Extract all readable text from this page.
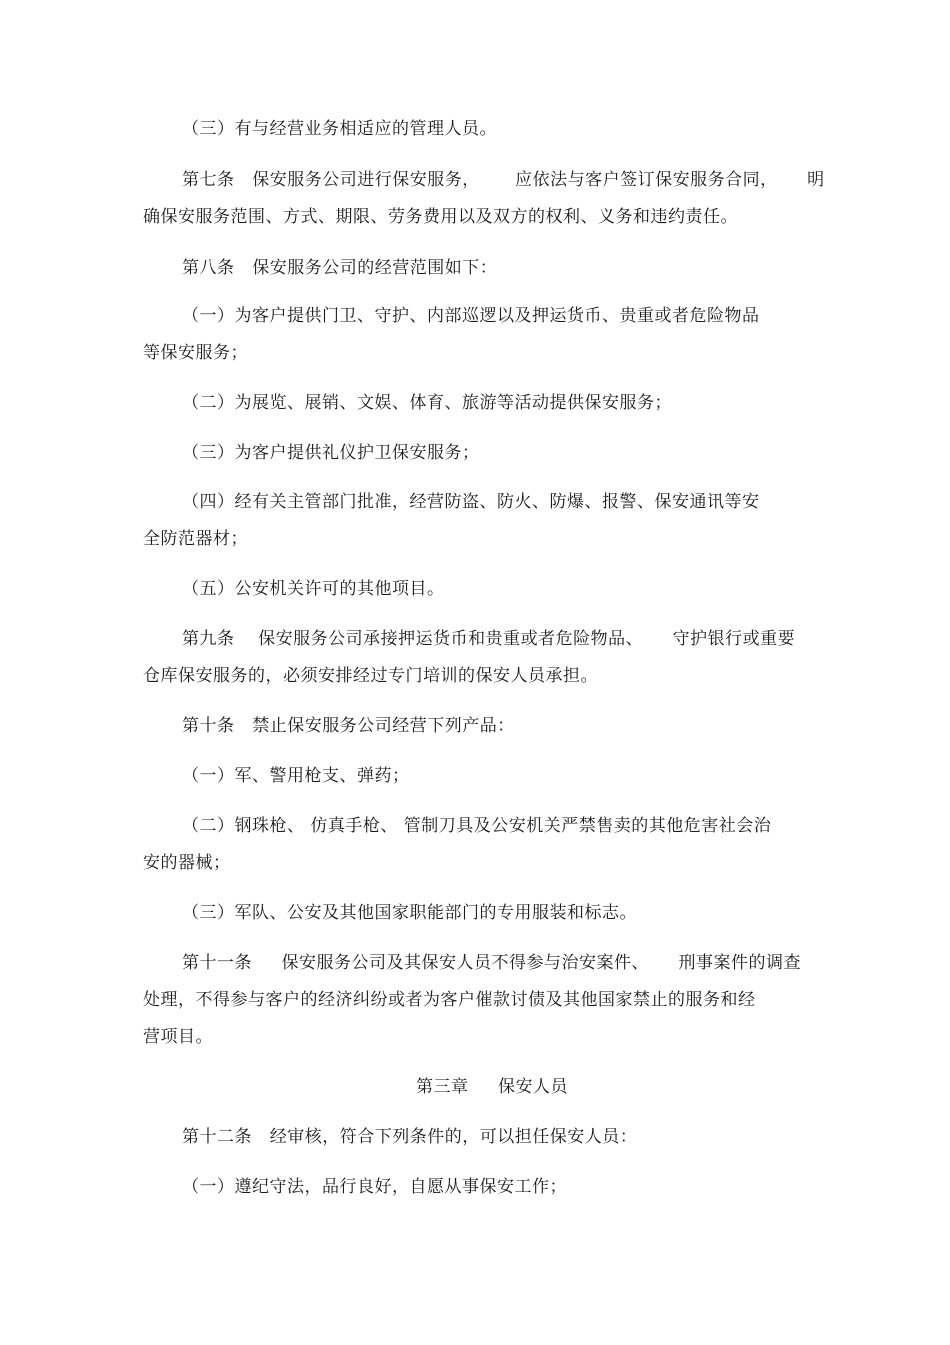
（三）有与经营业务相适应的管理人员。
第七条   保安服务公司进行保安服务，      应依法与客户签订保安服务合同，     明
确保安服务范围、方式、期限、劳务费用以及双方的权利、义务和违约责任。
第八条   保安服务公司的经营范围如下：
（一）为客户提供门卫、守护、内部巡逻以及押运货币、贵重或者危险物品
等保安服务；
（二）为展览、展销、文娱、体育、旅游等活动提供保安服务；
（三）为客户提供礼仪护卫保安服务；
（四）经有关主管部门批准，经营防盗、防火、防爆、报警、保安通讯等安
全防范器材；
（五）公安机关许可的其他项目。
第九条    保安服务公司承接押运货币和贵重或者危险物品、     守护银行或重要
仓库保安服务的，必须安排经过专门培训的保安人员承担。
第十条   禁止保安服务公司经营下列产品：
（一）军、警用枪支、弹药；
（二）钢珠枪、 仿真手枪、 管制刀具及公安机关严禁售卖的其他危害社会治
安的器械；
（三）军队、公安及其他国家职能部门的专用服装和标志。
第十一条     保安服务公司及其保安人员不得参与治安案件、     刑事案件的调查
处理，不得参与客户的经济纠纷或者为客户催款讨债及其他国家禁止的服务和经
营项目。
第三章     保安人员
第十二条   经审核，符合下列条件的，可以担任保安人员：
（一）遵纪守法，品行良好，自愿从事保安工作；
